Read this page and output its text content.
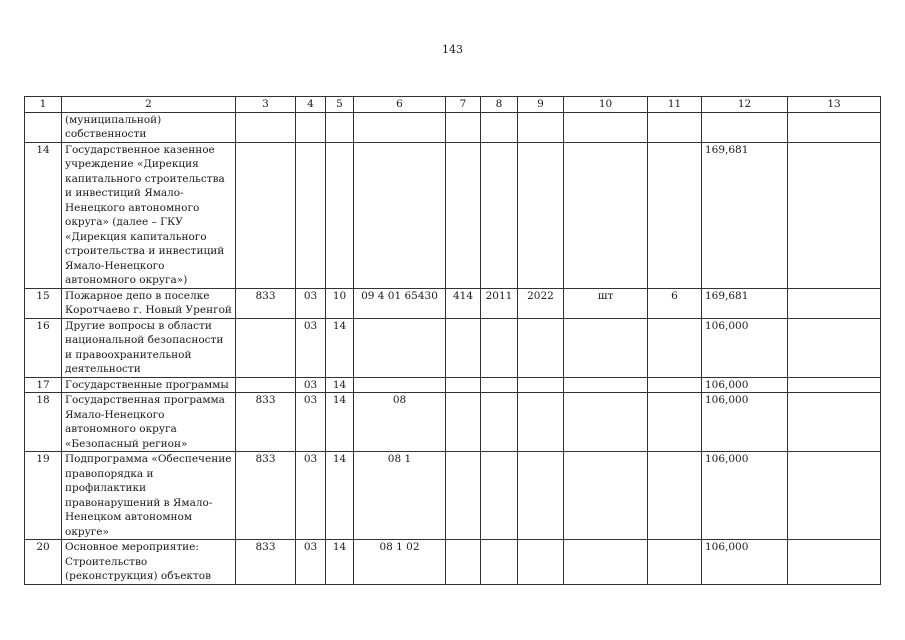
143
1	2	3	4	5	6	7	8	9	10	11	12	13
	(муниципальной) собственности											
14	Государственное казенное учреждение «Дирекция капитального строительства и инвестиций Ямало-Ненецкого автономного округа» (далее – ГКУ «Дирекция капитального строительства и инвестиций Ямало-Ненецкого автономного округа»)										169,681	
15	Пожарное депо в поселке Коротчаево г. Новый Уренгой	833	03	10	09 4 01 65430	414	2011	2022	шт	6	169,681	
16	Другие вопросы в области национальной безопасности и правоохранительной деятельности		03	14							106,000	
17	Государственные программы		03	14							106,000	
18	Государственная программа Ямало-Ненецкого автономного округа «Безопасный регион»	833	03	14	08						106,000	
19	Подпрограмма «Обеспечение правопорядка и профилактики правонарушений в Ямало-Ненецком автономном округе»	833	03	14	08 1						106,000	
20	Основное мероприятие: Строительство (реконструкция) объектов	833	03	14	08 1 02						106,000	
